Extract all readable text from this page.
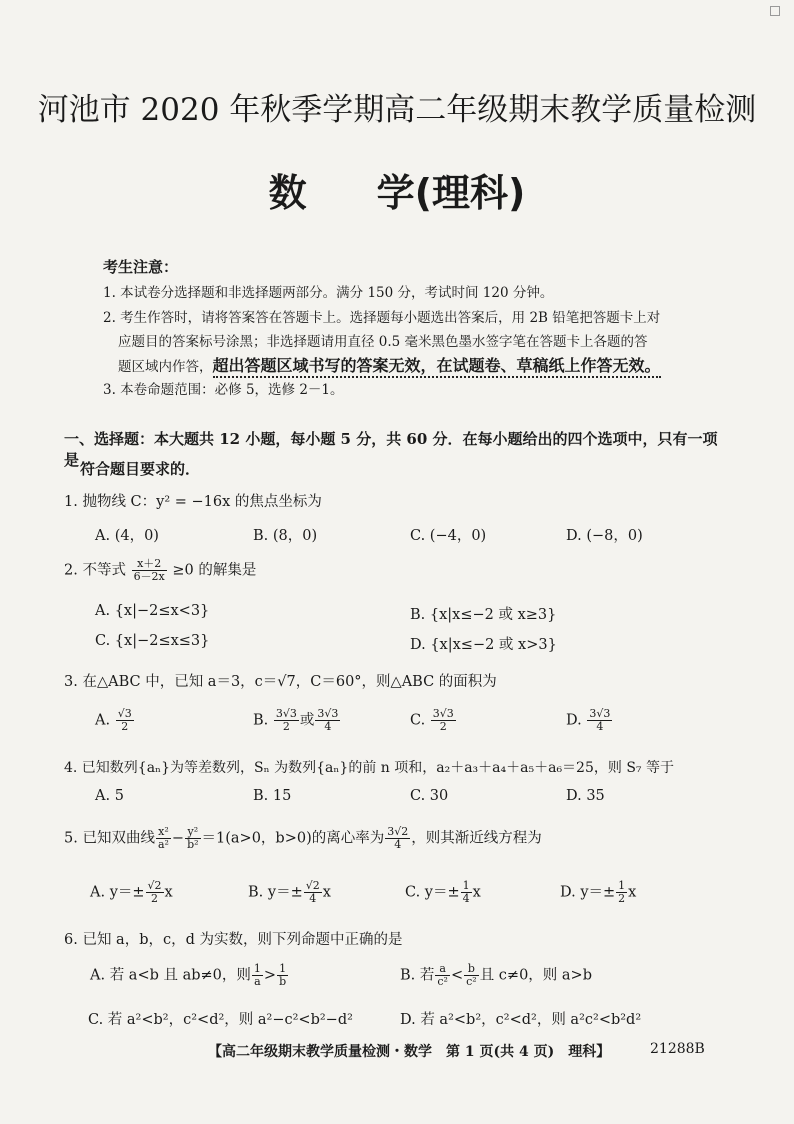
河池市 2020 年秋季学期高二年级期末教学质量检测
数 学(理科)
考生注意：
1. 本试卷分选择题和非选择题两部分。满分 150 分，考试时间 120 分钟。
2. 考生作答时，请将答案答在答题卡上。选择题每小题选出答案后，用 2B 铅笔把答题卡上对
应题目的答案标号涂黑；非选择题请用直径 0.5 毫米黑色墨水签字笔在答题卡上各题的答
题区域内作答，超出答题区域书写的答案无效，在试题卷、草稿纸上作答无效。
3. 本卷命题范围：必修 5，选修 2－1。
一、选择题：本大题共 12 小题，每小题 5 分，共 60 分．在每小题给出的四个选项中，只有一项是 符合题目要求的．
1. 抛物线 C：y² = −16x 的焦点坐标为
A. (4，0)	B. (8，0)	C. (−4，0)	D. (−8，0)
2. 不等式 $\frac{x+2}{6-2x} \ge 0$ 的解集是
A. {x|−2≤x<3}	B. {x|x≤−2 或 x≥3}
C. {x|−2≤x≤3}	D. {x|x≤−2 或 x>3}
3. 在△ABC 中，已知 a＝3，c＝√7，C＝60°，则△ABC 的面积为
A. $\frac{√3}{2}$	B. $\frac{3√3}{2}$ 或 $\frac{3√3}{4}$	C. $\frac{3√3}{2}$	D. $\frac{3√3}{4}$
4. 已知数列{aₙ}为等差数列，Sₙ 为数列{aₙ}的前 n 项和，a₂＋a₃＋a₄＋a₅＋a₆＝25，则 S₇ 等于
A. 5	B. 15	C. 30	D. 35
5. 已知双曲线 $\frac{\text{x²}}{\text{a²}} - \frac{\text{y²}}{\text{b²}} =1(a>0$，b>0)的离心率为 $\frac{3√2}{4}$ ，则其渐近线方程为
A. $y=\pm \frac{√2}{2}$ x	B. $y=\pm \frac{√2}{4}$ x	C. $y=\pm \frac{1}{4}$ x	D. $y=\pm \frac{1}{2}$ x
6. 已知 a，b，c，d 为实数，则下列命题中正确的是
A. 若 a<b 且 ab≠0，则 $\frac{1}{a} > \frac{1}{b}$	B. 若 $\frac{a}{\text{c²}} < \frac{b}{\text{c²}}$ 且 c≠0，则 a>b
C. 若 a²<b²，c²<d²，则 a²−c²<b²−d²	D. 若 a²<b²，c²<d²，则 a²c²<b²d²
【高二年级期末教学质量检测・数学　第 1 页(共 4 页)　理科】	21288B
